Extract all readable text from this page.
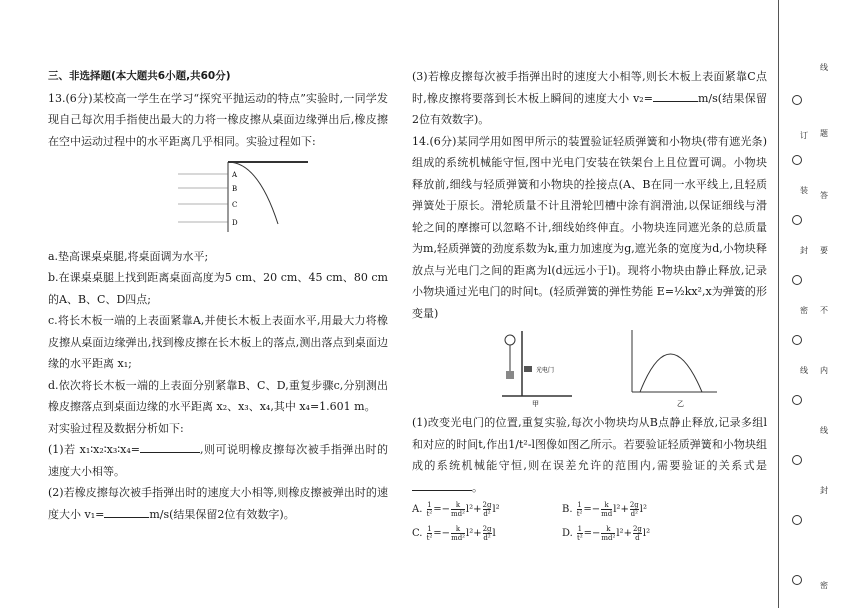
三、非选择题(本大题共6小题,共60分)

13.(6分)某校高一学生在学习“探究平抛运动的特点”实验时,一同学发现自己每次用手指使出最大的力将一橡皮擦从桌面边缘弹出后,橡皮擦在空中运动过程中的水平距离几乎相同。实验过程如下:

A
B
C
D

a.垫高课桌桌腿,将桌面调为水平;

b.在课桌桌腿上找到距离桌面高度为5 cm、20 cm、45 cm、80 cm的A、B、C、D四点;

c.将长木板一端的上表面紧靠A,并使长木板上表面水平,用最大力将橡皮擦从桌面边缘弹出,找到橡皮擦在长木板上的落点,测出落点到桌面边缘的水平距离 x₁;

d.依次将长木板一端的上表面分别紧靠B、C、D,重复步骤c,分别测出橡皮擦落点到桌面边缘的水平距离 x₂、x₃、x₄,其中 x₄=1.601 m。

对实验过程及数据分析如下:

(1)若 x₁∶x₂∶x₃∶x₄=	,则可说明橡皮擦每次被手指弹出时的速度大小相等。

(2)若橡皮擦每次被手指弹出时的速度大小相等,则橡皮擦被弹出时的速度大小 v₁=	m/s(结果保留2位有效数字)。

(3)若橡皮擦每次被手指弹出时的速度大小相等,则长木板上表面紧靠C点时,橡皮擦将要落到长木板上瞬间的速度大小 v₂=	m/s(结果保留2位有效数字)。

14.(6分)某同学用如图甲所示的装置验证轻质弹簧和小物块(带有遮光条)组成的系统机械能守恒,图中光电门安装在铁架台上且位置可调。小物块释放前,细线与轻质弹簧和小物块的拴接点(A、B在同一水平线上,且轻质弹簧处于原长。滑轮质量不计且滑轮凹槽中涂有润滑油,以保证细线与滑轮之间的摩擦可以忽略不计,细线始终伸直。小物块连同遮光条的总质量为m,轻质弹簧的劲度系数为k,重力加速度为g,遮光条的宽度为d,小物块释放点与光电门之间的距离为l(d远远小于l)。现将小物块由静止释放,记录小物块通过光电门的时间t。(轻质弹簧的弹性势能 E=½kx²,x为弹簧的形变量)

光电门
甲	乙

(1)改变光电门的位置,重复实验,每次小物块均从B点静止释放,记录多组l和对应的时间t,作出1/t²-l图像如图乙所示。若要验证轻质弹簧和小物块组成的系统机械能守恒,则在误差允许的范围内,需要验证的关系式是。

A. $\frac{1}{\text{t²}} =- \frac{k}{\text{md²}} l^2+ \frac{2g}{\text{d²}} l^2$	B. $\frac{1}{\text{t²}} =- \frac{k}{md} l^2+ \frac{2g}{\text{d²}} l^2$
C. $\frac{1}{\text{t²}} =- \frac{k}{\text{md²}} l^2+ \frac{2g}{\text{d²}}$ l	D. $\frac{1}{\text{t²}} =- \frac{k}{\text{md²}} l^2+ \frac{2g}{d} l^2$
线
题
答
要
不
内
线
封
密
订
装
封
密
线
